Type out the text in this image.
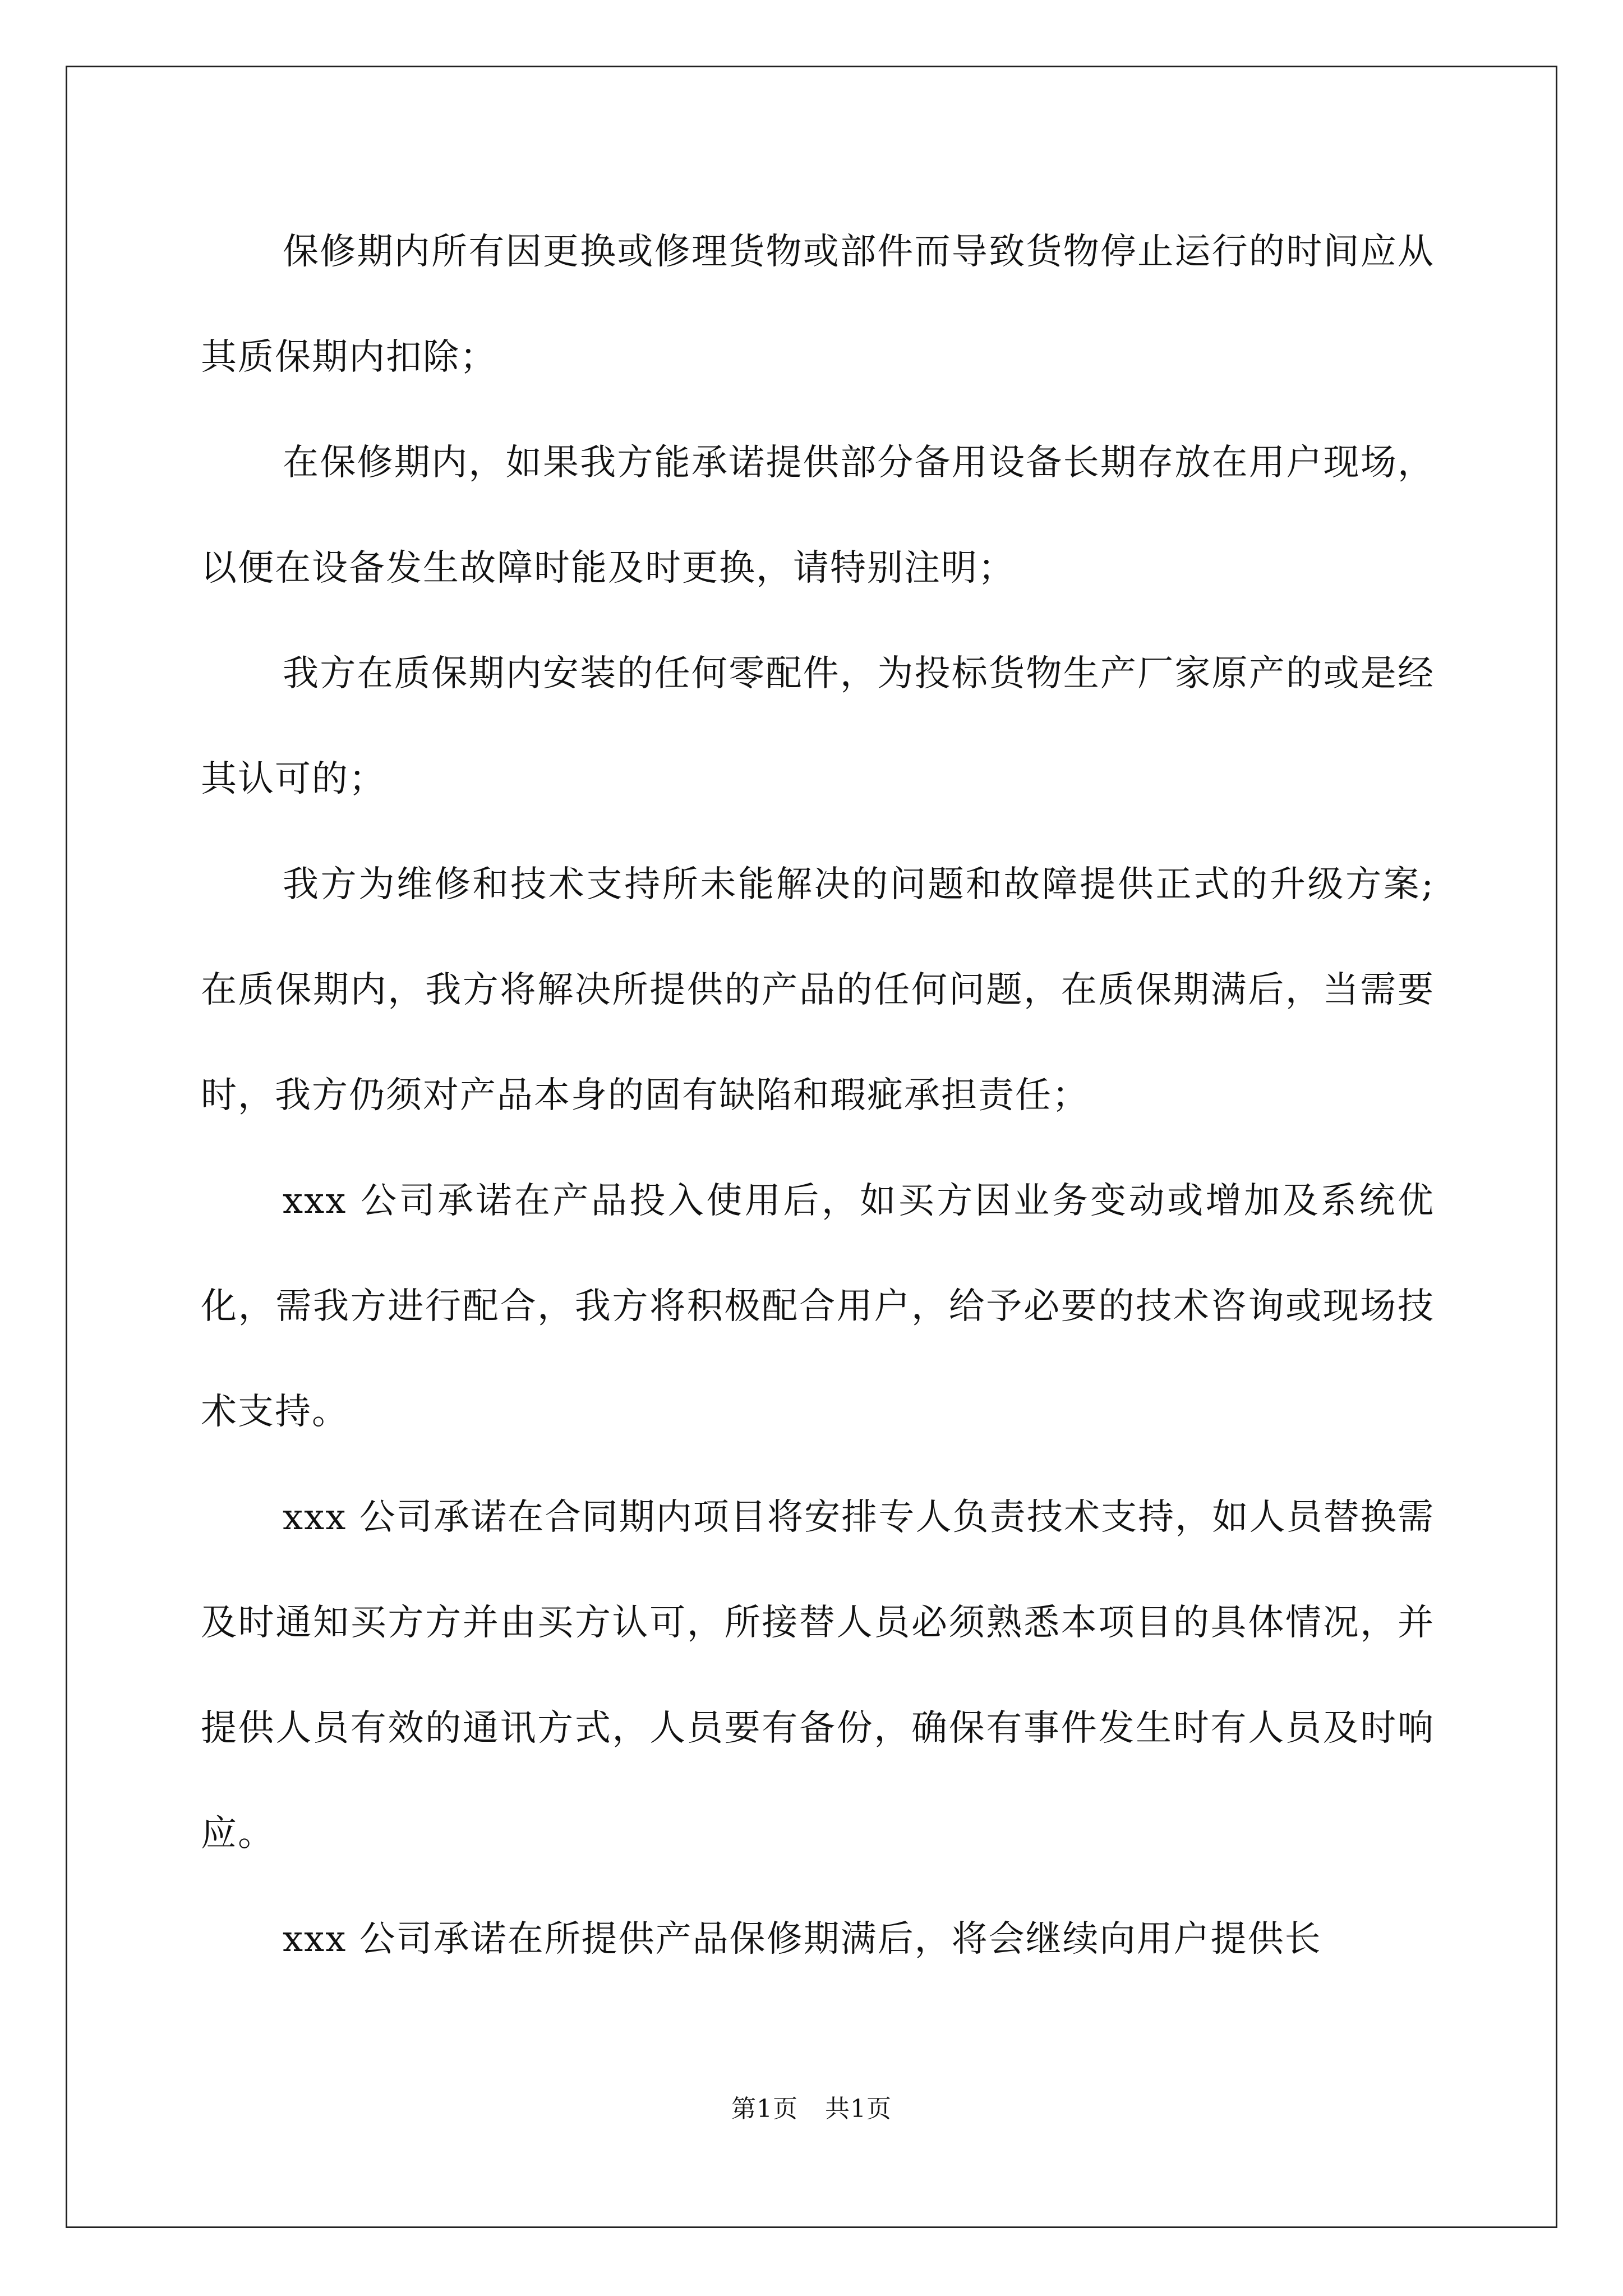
保修期内所有因更换或修理货物或部件而导致货物停止运行的时间应从其质保期内扣除；

在保修期内，如果我方能承诺提供部分备用设备长期存放在用户现场，以便在设备发生故障时能及时更换，请特别注明；

我方在质保期内安装的任何零配件，为投标货物生产厂家原产的或是经其认可的；

我方为维修和技术支持所未能解决的问题和故障提供正式的升级方案; 在质保期内，我方将解决所提供的产品的任何问题，在质保期满后，当需要时，我方仍须对产品本身的固有缺陷和瑕疵承担责任；

xxx 公司承诺在产品投入使用后，如买方因业务变动或增加及系统优化，需我方进行配合，我方将积极配合用户，给予必要的技术咨询或现场技术支持。

xxx 公司承诺在合同期内项目将安排专人负责技术支持，如人员替换需及时通知买方方并由买方认可，所接替人员必须熟悉本项目的具体情况，并提供人员有效的通讯方式，人员要有备份，确保有事件发生时有人员及时响应。

xxx 公司承诺在所提供产品保修期满后，将会继续向用户提供长

第1页 共1页
